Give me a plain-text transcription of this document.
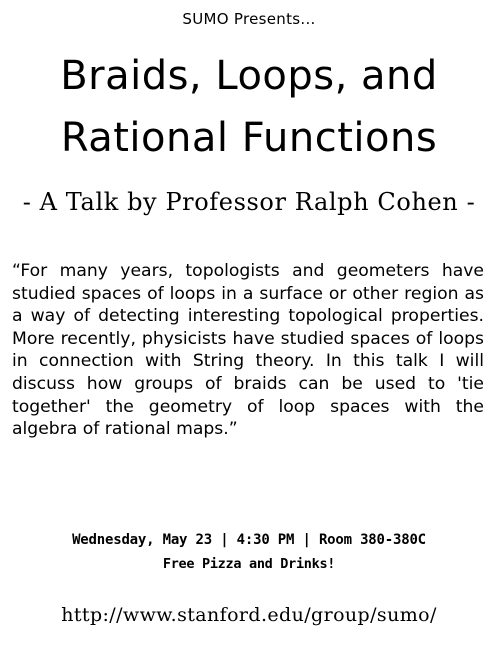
SUMO Presents...
Braids, Loops, and
Rational Functions
- A Talk by Professor Ralph Cohen -
“For many years, topologists and geometers have studied spaces of loops in a surface or other region as a way of detecting interesting topological properties. More recently, physicists have studied spaces of loops in connection with String theory. In this talk I will discuss how groups of braids can be used to 'tie together' the geometry of loop spaces with the algebra of rational maps.”
Wednesday, May 23 | 4:30 PM | Room 380-380C
Free Pizza and Drinks!
http://www.stanford.edu/group/sumo/
